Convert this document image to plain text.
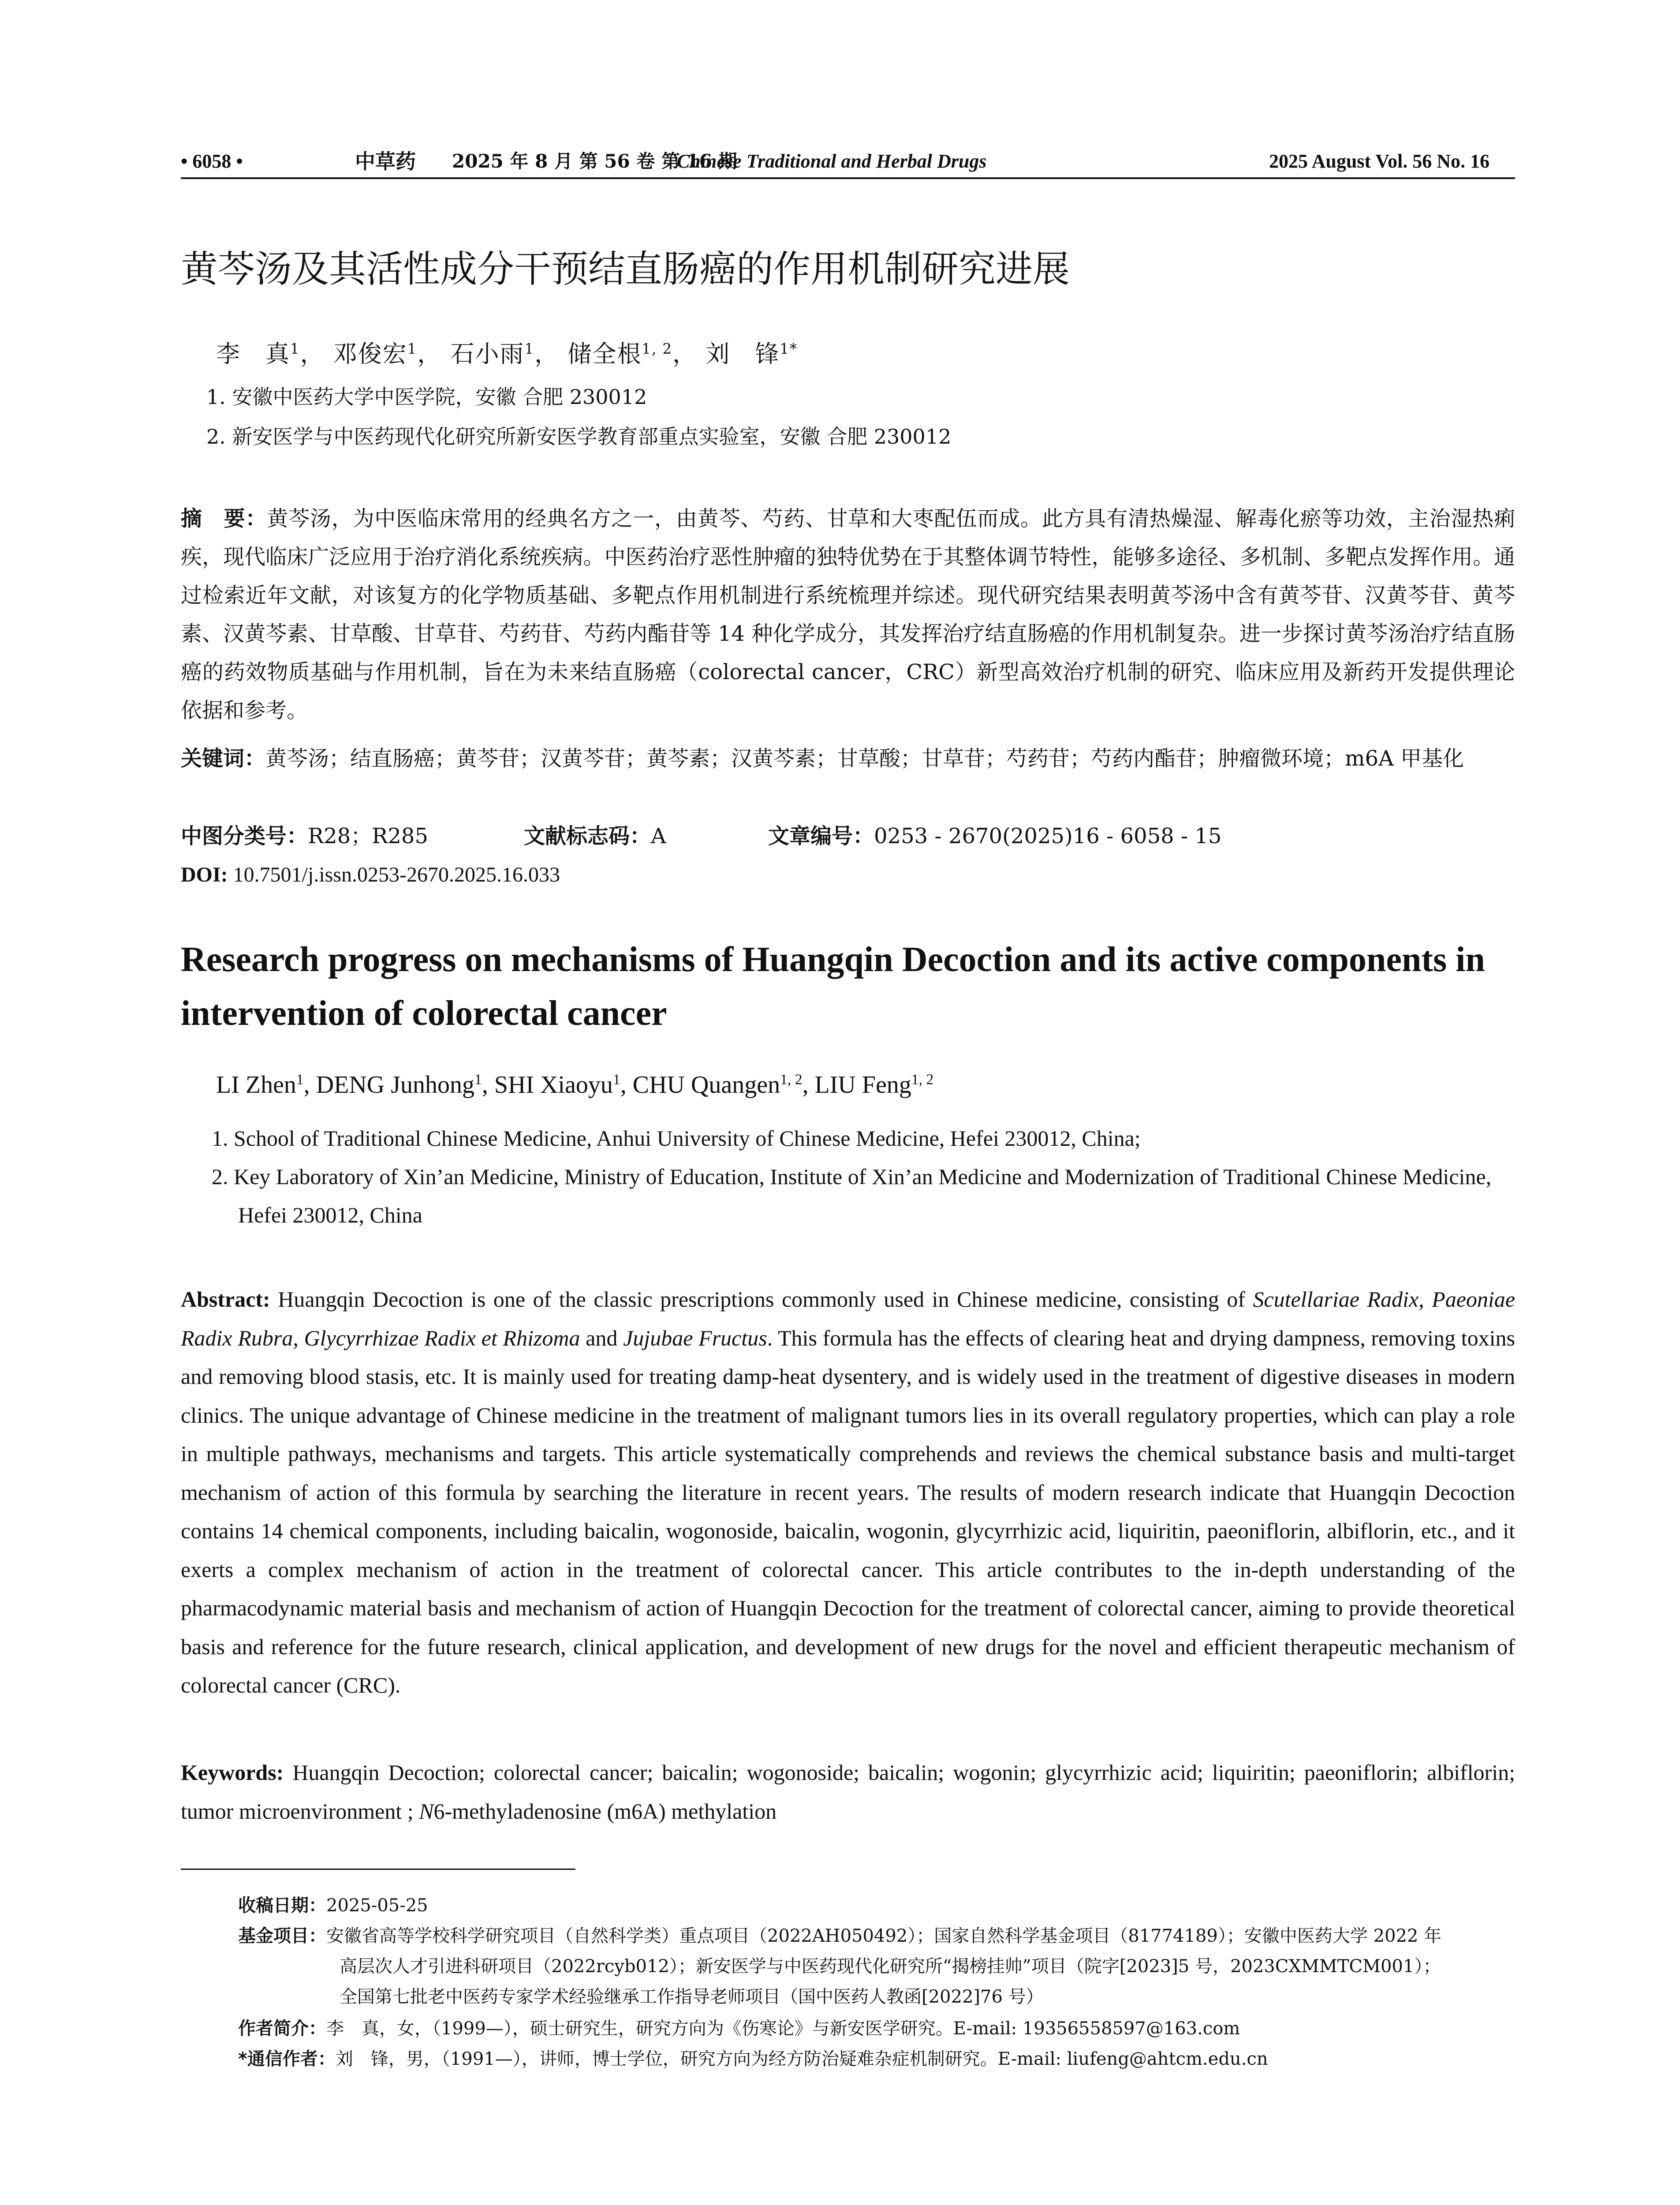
• 6058 •	中草药 2025 年 8 月 第 56 卷 第 16 期
Chinese Traditional and Herbal Drugs	2025 August Vol. 56 No. 16
黄芩汤及其活性成分干预结直肠癌的作用机制研究进展
李　真$^1$， 邓俊宏$^1$， 石小雨$^1$， 储全根$^{1, 2}$， 刘　锋$^{1*}$
1. 安徽中医药大学中医学院，安徽 合肥 230012
2. 新安医学与中医药现代化研究所新安医学教育部重点实验室，安徽 合肥 230012
摘　要：黄芩汤，为中医临床常用的经典名方之一，由黄芩、芍药、甘草和大枣配伍而成。此方具有清热燥湿、解毒化瘀等功效，主治湿热痢疾，现代临床广泛应用于治疗消化系统疾病。中医药治疗恶性肿瘤的独特优势在于其整体调节特性，能够多途径、多机制、多靶点发挥作用。通过检索近年文献，对该复方的化学物质基础、多靶点作用机制进行系统梳理并综述。现代研究结果表明黄芩汤中含有黄芩苷、汉黄芩苷、黄芩素、汉黄芩素、甘草酸、甘草苷、芍药苷、芍药内酯苷等 14 种化学成分，其发挥治疗结直肠癌的作用机制复杂。进一步探讨黄芩汤治疗结直肠癌的药效物质基础与作用机制，旨在为未来结直肠癌（colorectal cancer，CRC）新型高效治疗机制的研究、临床应用及新药开发提供理论依据和参考。
关键词：黄芩汤；结直肠癌；黄芩苷；汉黄芩苷；黄芩素；汉黄芩素；甘草酸；甘草苷；芍药苷；芍药内酯苷；肿瘤微环境；m6A 甲基化
中图分类号：R28；R285	文献标志码：A	文章编号：0253 - 2670(2025)16 - 6058 - 15
DOI: 10.7501/j.issn.0253-2670.2025.16.033
Research progress on mechanisms of Huangqin Decoction and its active components in intervention of colorectal cancer
LI Zhen$^1$, DENG Junhong$^1$, SHI Xiaoyu$^1$, CHU Quangen$^{1, 2}$, LIU Feng$^{1, 2}$
1. School of Traditional Chinese Medicine, Anhui University of Chinese Medicine, Hefei 230012, China;
2. Key Laboratory of Xin’an Medicine, Ministry of Education, Institute of Xin’an Medicine and Modernization of Traditional Chinese Medicine, Hefei 230012, China
Abstract: Huangqin Decoction is one of the classic prescriptions commonly used in Chinese medicine, consisting of Scutellariae Radix, Paeoniae Radix Rubra, Glycyrrhizae Radix et Rhizoma and Jujubae Fructus. This formula has the effects of clearing heat and drying dampness, removing toxins and removing blood stasis, etc. It is mainly used for treating damp-heat dysentery, and is widely used in the treatment of digestive diseases in modern clinics. The unique advantage of Chinese medicine in the treatment of malignant tumors lies in its overall regulatory properties, which can play a role in multiple pathways, mechanisms and targets. This article systematically comprehends and reviews the chemical substance basis and multi-target mechanism of action of this formula by searching the literature in recent years. The results of modern research indicate that Huangqin Decoction contains 14 chemical components, including baicalin, wogonoside, baicalin, wogonin, glycyrrhizic acid, liquiritin, paeoniflorin, albiflorin, etc., and it exerts a complex mechanism of action in the treatment of colorectal cancer. This article contributes to the in-depth understanding of the pharmacodynamic material basis and mechanism of action of Huangqin Decoction for the treatment of colorectal cancer, aiming to provide theoretical basis and reference for the future research, clinical application, and development of new drugs for the novel and efficient therapeutic mechanism of colorectal cancer (CRC).
Keywords: Huangqin Decoction; colorectal cancer; baicalin; wogonoside; baicalin; wogonin; glycyrrhizic acid; liquiritin; paeoniflorin; albiflorin; tumor microenvironment ; N6-methyladenosine (m6A) methylation
收稿日期：2025-05-25
基金项目：安徽省高等学校科学研究项目（自然科学类）重点项目（2022AH050492）；国家自然科学基金项目（81774189）；安徽中医药大学 2022 年
高层次人才引进科研项目（2022rcyb012）；新安医学与中医药现代化研究所“揭榜挂帅”项目（院字[2023]5 号，2023CXMMTCM001）；
全国第七批老中医药专家学术经验继承工作指导老师项目（国中医药人教函[2022]76 号）
作者简介：李　真，女，（1999—），硕士研究生，研究方向为《伤寒论》与新安医学研究。E-mail: 19356558597@163.com
*通信作者：刘　锋，男，（1991—），讲师，博士学位，研究方向为经方防治疑难杂症机制研究。E-mail: liufeng@ahtcm.edu.cn
